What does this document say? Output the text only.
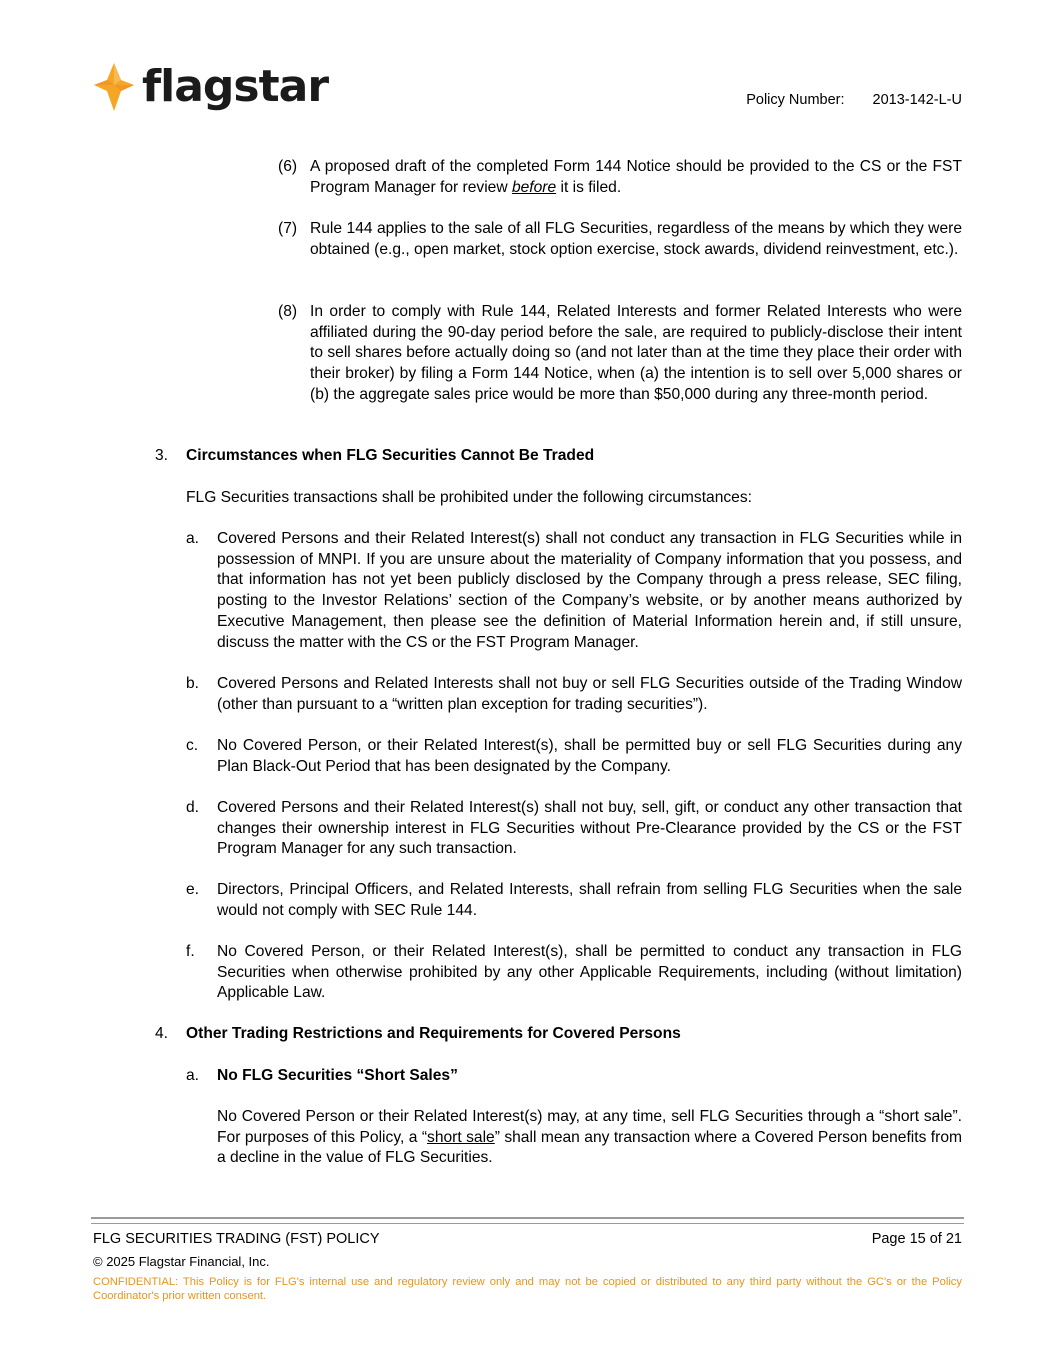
flagstar	Policy Number: 2013-142-L-U
(6) A proposed draft of the completed Form 144 Notice should be provided to the CS or the FST Program Manager for review before it is filed.
(7) Rule 144 applies to the sale of all FLG Securities, regardless of the means by which they were obtained (e.g., open market, stock option exercise, stock awards, dividend reinvestment, etc.).
(8) In order to comply with Rule 144, Related Interests and former Related Interests who were affiliated during the 90-day period before the sale, are required to publicly-disclose their intent to sell shares before actually doing so (and not later than at the time they place their order with their broker) by filing a Form 144 Notice, when (a) the intention is to sell over 5,000 shares or (b) the aggregate sales price would be more than $50,000 during any three-month period.
3. Circumstances when FLG Securities Cannot Be Traded
FLG Securities transactions shall be prohibited under the following circumstances:
a. Covered Persons and their Related Interest(s) shall not conduct any transaction in FLG Securities while in possession of MNPI. If you are unsure about the materiality of Company information that you possess, and that information has not yet been publicly disclosed by the Company through a press release, SEC filing, posting to the Investor Relations’ section of the Company’s website, or by another means authorized by Executive Management, then please see the definition of Material Information herein and, if still unsure, discuss the matter with the CS or the FST Program Manager.
b. Covered Persons and Related Interests shall not buy or sell FLG Securities outside of the Trading Window (other than pursuant to a “written plan exception for trading securities”).
c. No Covered Person, or their Related Interest(s), shall be permitted buy or sell FLG Securities during any Plan Black-Out Period that has been designated by the Company.
d. Covered Persons and their Related Interest(s) shall not buy, sell, gift, or conduct any other transaction that changes their ownership interest in FLG Securities without Pre-Clearance provided by the CS or the FST Program Manager for any such transaction.
e. Directors, Principal Officers, and Related Interests, shall refrain from selling FLG Securities when the sale would not comply with SEC Rule 144.
f. No Covered Person, or their Related Interest(s), shall be permitted to conduct any transaction in FLG Securities when otherwise prohibited by any other Applicable Requirements, including (without limitation) Applicable Law.
4. Other Trading Restrictions and Requirements for Covered Persons
a. No FLG Securities “Short Sales”
No Covered Person or their Related Interest(s) may, at any time, sell FLG Securities through a “short sale”. For purposes of this Policy, a “short sale” shall mean any transaction where a Covered Person benefits from a decline in the value of FLG Securities.
FLG SECURITIES TRADING (FST) POLICY	Page 15 of 21
© 2025 Flagstar Financial, Inc.
CONFIDENTIAL: This Policy is for FLG's internal use and regulatory review only and may not be copied or distributed to any third party without the GC's or the Policy Coordinator's prior written consent.
